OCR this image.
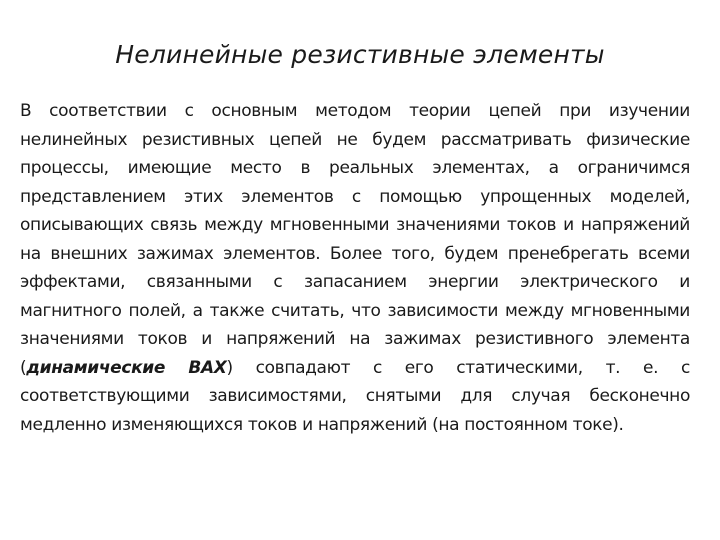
Нелинейные резистивные элементы

В соответствии с основным методом теории цепей при изучении нелинейных резистивных цепей не будем рассматривать физические процессы, имеющие место в реальных элементах, а ограничимся представлением этих элементов с помощью упрощенных моделей, описывающих связь между мгновенными значениями токов и напряжений на внешних зажимах элементов. Более того, будем пренебрегать всеми эффектами, связанными с запасанием энергии электрического и магнитного полей, а также считать, что зависимости между мгновенными значениями токов и напряжений на зажимах резистивного элемента (динамические ВАХ) совпадают с его статическими, т. е. с соответствующими зависимостями, снятыми для случая бесконечно медленно изменяющихся токов и напряжений (на постоянном токе).
